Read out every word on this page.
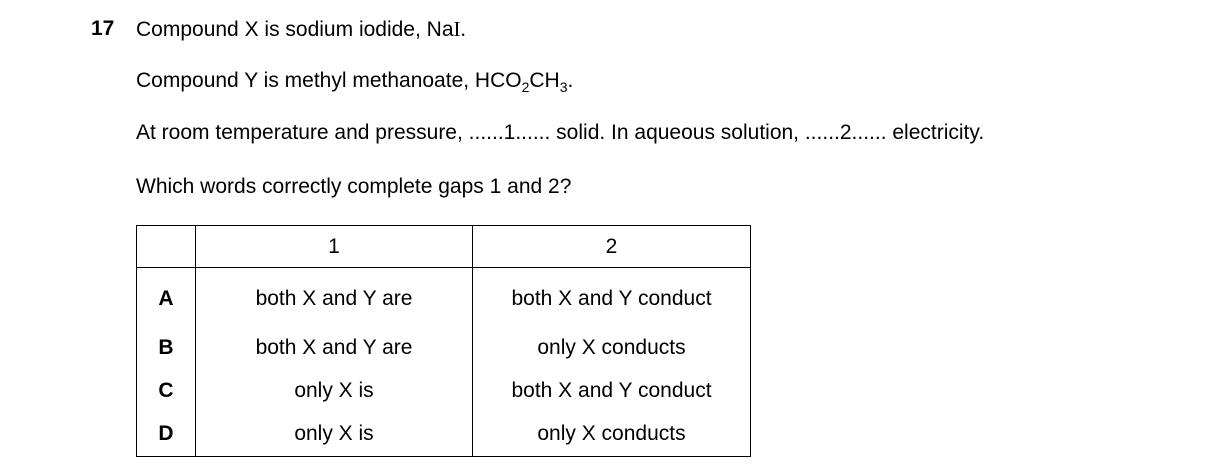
17 Compound X is sodium iodide, NaI.
Compound Y is methyl methanoate, $HCO_2CH_3$.
At room temperature and pressure, ......1...... solid. In aqueous solution, ......2...... electricity.
Which words correctly complete gaps 1 and 2?
	1	2
A	both X and Y are	both X and Y conduct
B	both X and Y are	only X conducts
C	only X is	both X and Y conduct
D	only X is	only X conducts
